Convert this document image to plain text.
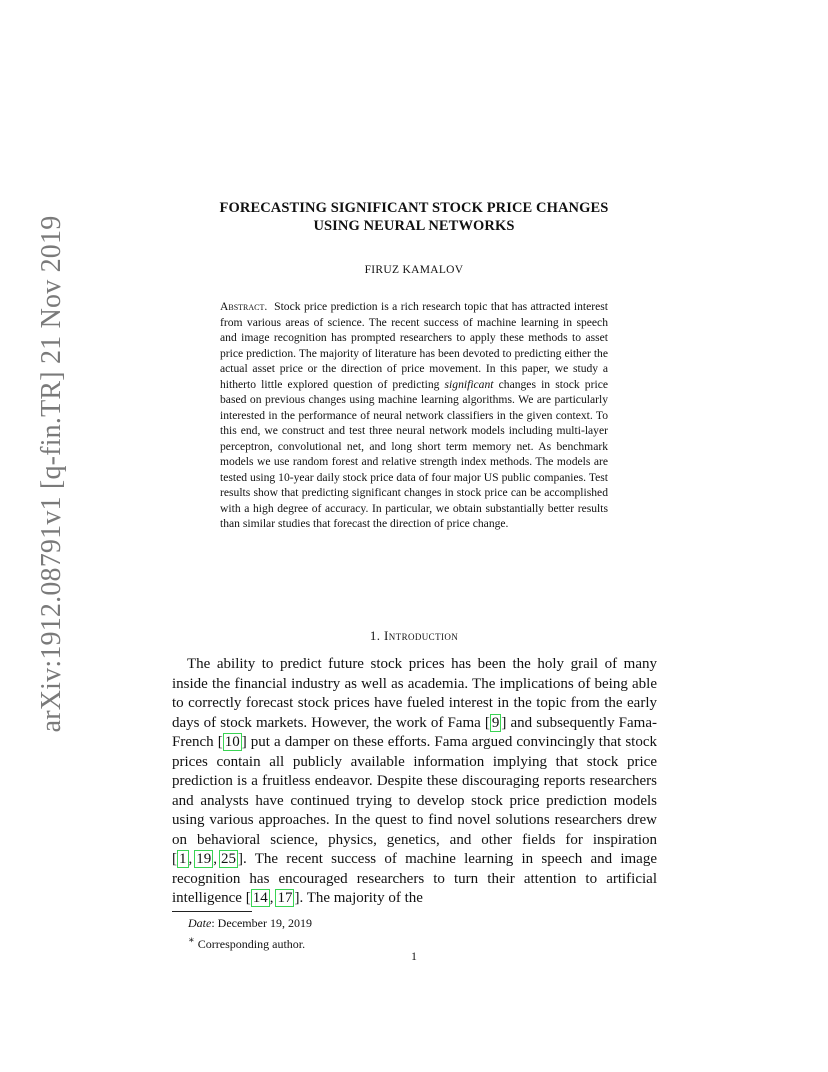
arXiv:1912.08791v1 [q-fin.TR] 21 Nov 2019
FORECASTING SIGNIFICANT STOCK PRICE CHANGES
USING NEURAL NETWORKS
FIRUZ KAMALOV
Abstract. Stock price prediction is a rich research topic that has attracted interest from various areas of science. The recent success of machine learning in speech and image recognition has prompted researchers to apply these methods to asset price prediction. The majority of literature has been devoted to predicting either the actual asset price or the direction of price movement. In this paper, we study a hitherto little explored question of predicting significant changes in stock price based on previous changes using machine learning algorithms. We are particularly interested in the performance of neural network classifiers in the given context. To this end, we construct and test three neural network models including multi-layer perceptron, convolutional net, and long short term memory net. As benchmark models we use random forest and relative strength index methods. The models are tested using 10-year daily stock price data of four major US public companies. Test results show that predicting significant changes in stock price can be accomplished with a high degree of accuracy. In particular, we obtain substantially better results than similar studies that forecast the direction of price change.
1. Introduction

The ability to predict future stock prices has been the holy grail of many inside the financial industry as well as academia. The implications of being able to correctly forecast stock prices have fueled interest in the topic from the early days of stock markets. However, the work of Fama [ 9 ] and subsequently Fama-French [ 10 ] put a damper on these efforts. Fama argued convincingly that stock prices contain all publicly available information implying that stock price prediction is a fruitless endeavor. Despite these discouraging reports researchers and analysts have continued trying to develop stock price prediction models using various approaches. In the quest to find novel solutions researchers drew on behavioral science, physics, genetics, and other fields for inspiration [ 1 , 19 , 25 ]. The recent success of machine learning in speech and image recognition has encouraged researchers to turn their attention to artificial intelligence [ 14 , 17 ]. The majority of the

Date: December 19, 2019
∗ Corresponding author.
1
